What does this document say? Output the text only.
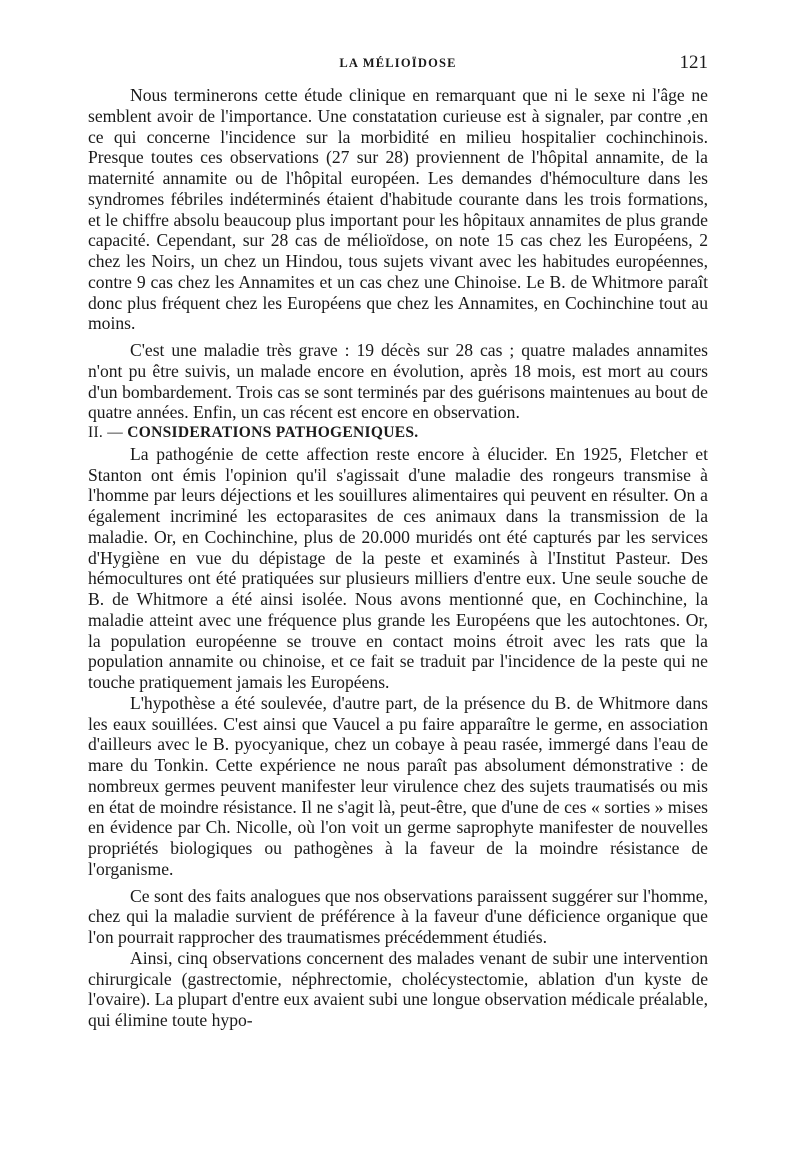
LA MÉLIOÏDOSE	121

Nous terminerons cette étude clinique en remarquant que ni le sexe ni l'âge ne semblent avoir de l'importance. Une constatation curieuse est à signaler, par contre ,en ce qui concerne l'incidence sur la morbidité en milieu hospitalier cochinchinois. Presque toutes ces observations (27 sur 28) proviennent de l'hôpital annamite, de la maternité annamite ou de l'hôpital européen. Les demandes d'hémoculture dans les syndromes fébriles indéterminés étaient d'habitude courante dans les trois formations, et le chiffre absolu beaucoup plus important pour les hôpitaux annamites de plus grande capacité. Cependant, sur 28 cas de mélioïdose, on note 15 cas chez les Européens, 2 chez les Noirs, un chez un Hindou, tous sujets vivant avec les habitudes européennes, contre 9 cas chez les Annamites et un cas chez une Chinoise. Le B. de Whitmore paraît donc plus fréquent chez les Européens que chez les Annamites, en Cochinchine tout au moins.

C'est une maladie très grave : 19 décès sur 28 cas ; quatre malades annamites n'ont pu être suivis, un malade encore en évolution, après 18 mois, est mort au cours d'un bombardement. Trois cas se sont terminés par des guérisons maintenues au bout de quatre années. Enfin, un cas récent est encore en observation.

II. — CONSIDERATIONS PATHOGENIQUES.

La pathogénie de cette affection reste encore à élucider. En 1925, Fletcher et Stanton ont émis l'opinion qu'il s'agissait d'une maladie des rongeurs transmise à l'homme par leurs déjections et les souillures alimentaires qui peuvent en résulter. On a également incriminé les ectoparasites de ces animaux dans la transmission de la maladie. Or, en Cochinchine, plus de 20.000 muridés ont été capturés par les services d'Hygiène en vue du dépistage de la peste et examinés à l'Institut Pasteur. Des hémocultures ont été pratiquées sur plusieurs milliers d'entre eux. Une seule souche de B. de Whitmore a été ainsi isolée. Nous avons mentionné que, en Cochinchine, la maladie atteint avec une fréquence plus grande les Européens que les autochtones. Or, la population européenne se trouve en contact moins étroit avec les rats que la population annamite ou chinoise, et ce fait se traduit par l'incidence de la peste qui ne touche pratiquement jamais les Européens.

L'hypothèse a été soulevée, d'autre part, de la présence du B. de Whitmore dans les eaux souillées. C'est ainsi que Vaucel a pu faire apparaître le germe, en association d'ailleurs avec le B. pyocyanique, chez un cobaye à peau rasée, immergé dans l'eau de mare du Tonkin. Cette expérience ne nous paraît pas absolument démonstrative : de nombreux germes peuvent manifester leur virulence chez des sujets traumatisés ou mis en état de moindre résistance. Il ne s'agit là, peut-être, que d'une de ces « sorties » mises en évidence par Ch. Nicolle, où l'on voit un germe saprophyte manifester de nouvelles propriétés biologiques ou pathogènes à la faveur de la moindre résistance de l'organisme.

Ce sont des faits analogues que nos observations paraissent suggérer sur l'homme, chez qui la maladie survient de préférence à la faveur d'une déficience organique que l'on pourrait rapprocher des traumatismes précédemment étudiés.

Ainsi, cinq observations concernent des malades venant de subir une intervention chirurgicale (gastrectomie, néphrectomie, cholécystectomie, ablation d'un kyste de l'ovaire). La plupart d'entre eux avaient subi une longue observation médicale préalable, qui élimine toute hypo-
